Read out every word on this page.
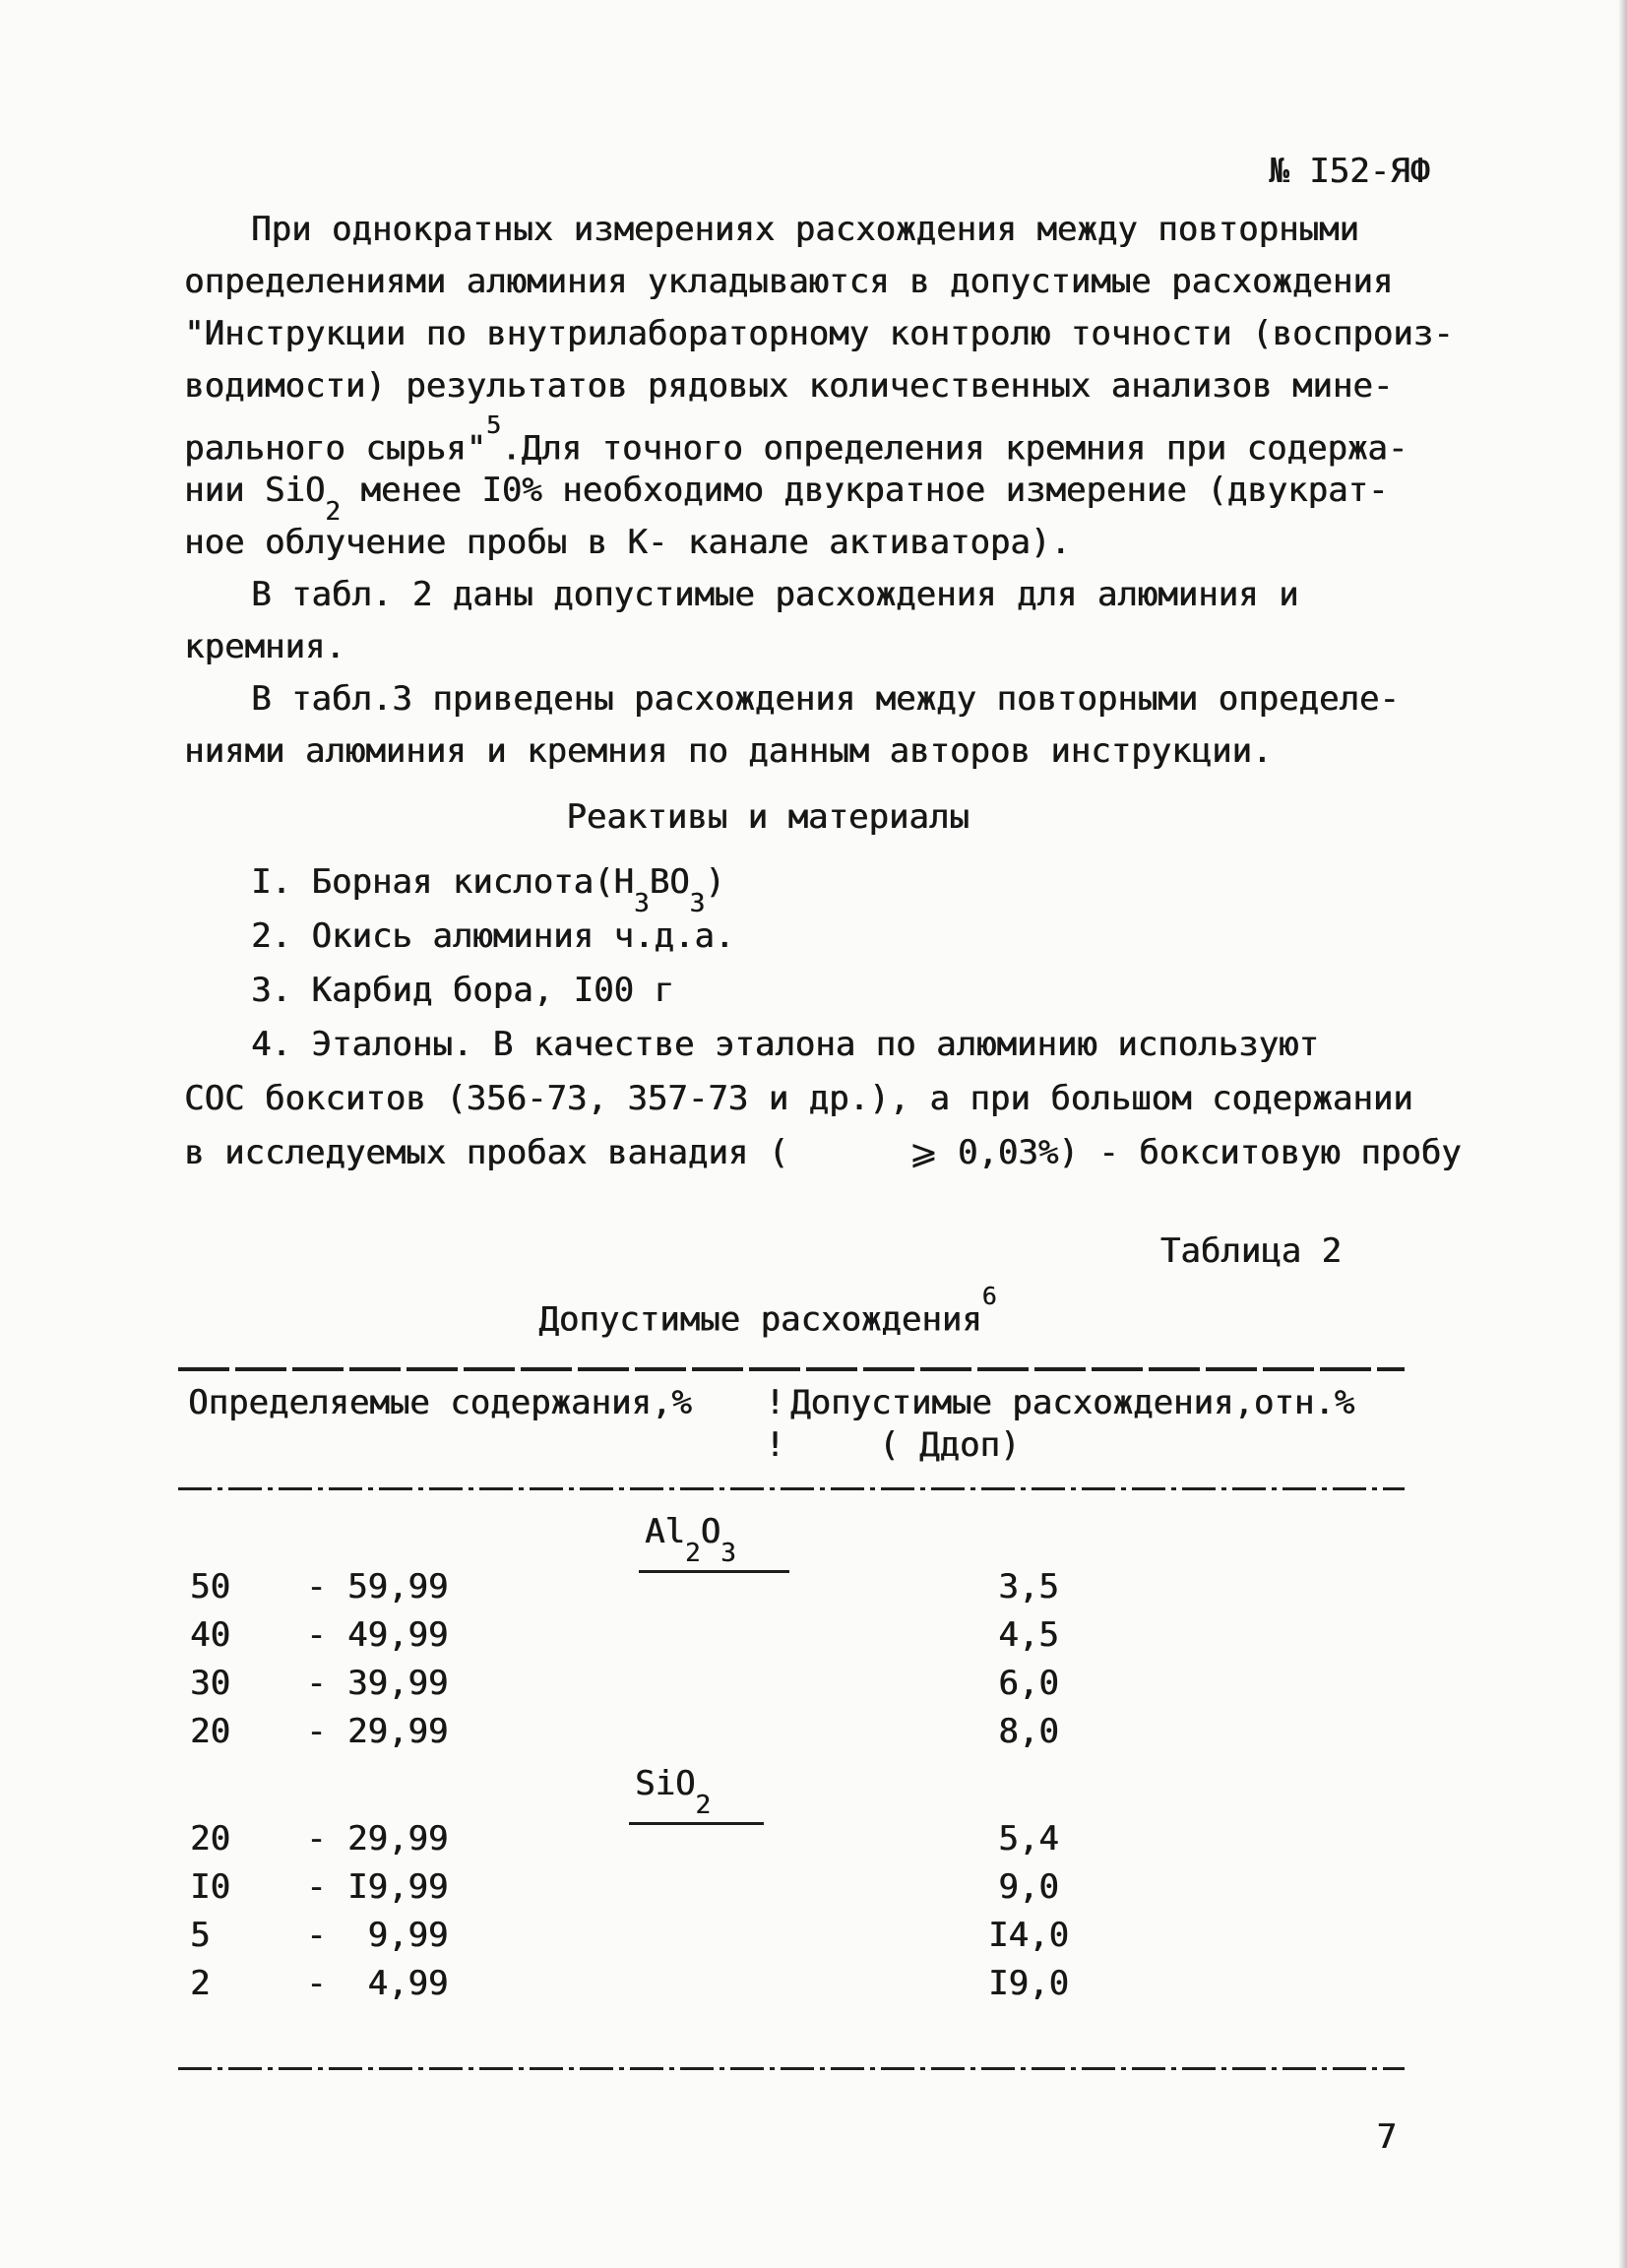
№ I52-ЯФ
При однократных измерениях расхождения между повторными
определениями алюминия укладываются в допустимые расхождения
"Инструкции по внутрилабораторному контролю точности (воспроиз-
водимости) результатов рядовых количественных анализов мине-
рального сырья"$^5$.Для точного определения кремния при содержа-
нии SiO$_2$ менее I0% необходимо двукратное измерение (двукрат-
ное облучение пробы в К- канале активатора).
В табл. 2 даны допустимые расхождения для алюминия и
кремния.
В табл.3 приведены расхождения между повторными определе-
ниями алюминия и кремния по данным авторов инструкции.
Реактивы и материалы
I. Борная $кислота(H_3BO_3)$
2. Окись алюминия ч.д.а.
3. Карбид бора, I00 г
4. Эталоны. В качестве эталона по алюминию используют
СОС бокситов (356-73, 357-73 и др.), а при большом содержании
в исследуемых пробах ванадия (      ⩾ 0,03%) - бокситовую пробу
Таблица 2
Допустимые расхождения$^6$
Определяемые содержания,% ! Допустимые расхождения,отн.%
!	( Ддоп)
$Al_2O_3$
50 - 59,99	3,5
40 - 49,99	4,5
30 - 39,99	6,0
20 - 29,99	8,0
SiO$_2$
20 - 29,99	5,4
I0 - I9,99	9,0
5	- 9,99	I4,0
2	- 4,99	I9,0
7
